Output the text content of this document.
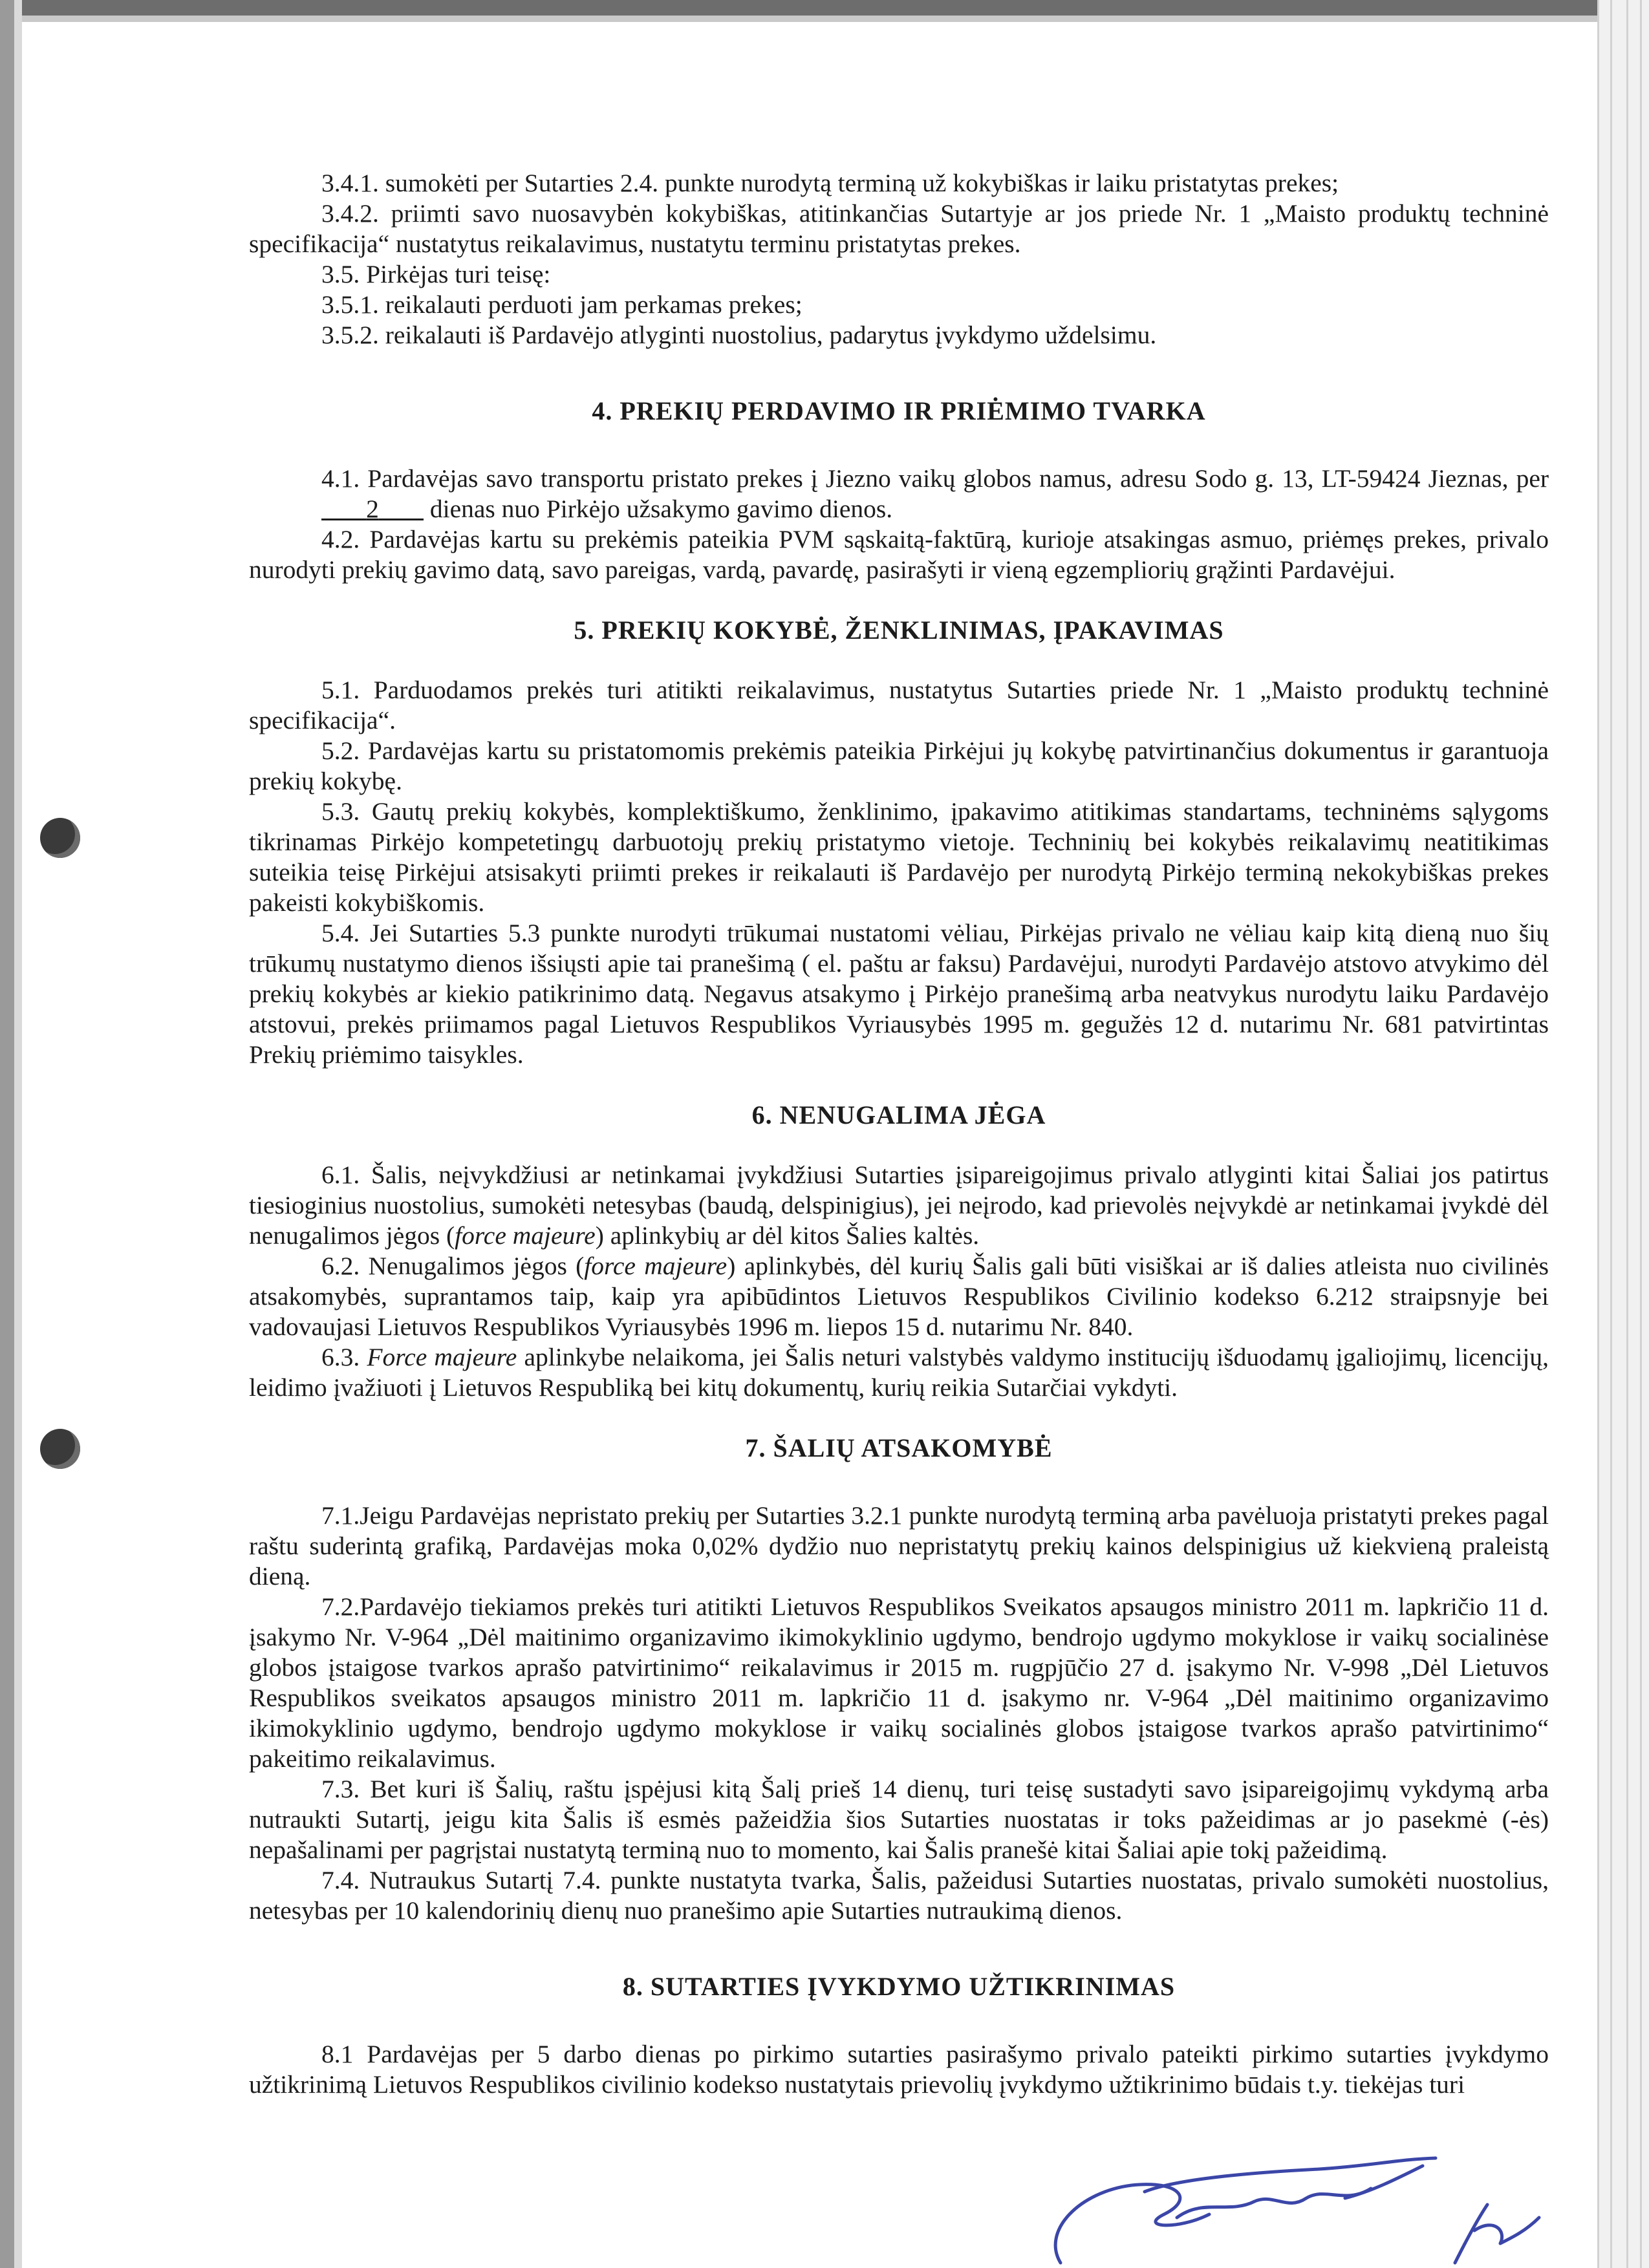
3.4.1. sumokėti per Sutarties 2.4. punkte nurodytą terminą už kokybiškas ir laiku pristatytas prekes;

3.4.2. priimti savo nuosavybėn kokybiškas, atitinkančias Sutartyje ar jos priede Nr. 1 „Maisto produktų techninė specifikacija“ nustatytus reikalavimus, nustatytu terminu pristatytas prekes.

3.5. Pirkėjas turi teisę:

3.5.1. reikalauti perduoti jam perkamas prekes;

3.5.2. reikalauti iš Pardavėjo atlyginti nuostolius, padarytus įvykdymo uždelsimu.

4. PREKIŲ PERDAVIMO IR PRIĖMIMO TVARKA

4.1. Pardavėjas savo transportu pristato prekes į Jiezno vaikų globos namus, adresu Sodo g. 13, LT-59424 Jieznas, per        2 dienas nuo Pirkėjo užsakymo gavimo dienos.

4.2. Pardavėjas kartu su prekėmis pateikia PVM sąskaitą-faktūrą, kurioje atsakingas asmuo, priėmęs prekes, privalo nurodyti prekių gavimo datą, savo pareigas, vardą, pavardę, pasirašyti ir vieną egzempliorių grąžinti Pardavėjui.

5. PREKIŲ KOKYBĖ, ŽENKLINIMAS, ĮPAKAVIMAS

5.1. Parduodamos prekės turi atitikti reikalavimus, nustatytus Sutarties priede Nr. 1 „Maisto produktų techninė specifikacija“.

5.2. Pardavėjas kartu su pristatomomis prekėmis pateikia Pirkėjui jų kokybę patvirtinančius dokumentus ir garantuoja prekių kokybę.

5.3. Gautų prekių kokybės, komplektiškumo, ženklinimo, įpakavimo atitikimas standartams, techninėms sąlygoms tikrinamas Pirkėjo kompetetingų darbuotojų prekių pristatymo vietoje. Techninių bei kokybės reikalavimų neatitikimas suteikia teisę Pirkėjui atsisakyti priimti prekes ir reikalauti iš Pardavėjo per nurodytą Pirkėjo terminą nekokybiškas prekes pakeisti kokybiškomis.

5.4. Jei Sutarties 5.3 punkte nurodyti trūkumai nustatomi vėliau, Pirkėjas privalo ne vėliau kaip kitą dieną nuo šių trūkumų nustatymo dienos išsiųsti apie tai pranešimą ( el. paštu ar faksu) Pardavėjui, nurodyti Pardavėjo atstovo atvykimo dėl prekių kokybės ar kiekio patikrinimo datą. Negavus atsakymo į Pirkėjo pranešimą arba neatvykus nurodytu laiku Pardavėjo atstovui, prekės priimamos pagal Lietuvos Respublikos Vyriausybės 1995 m. gegužės 12 d. nutarimu Nr. 681 patvirtintas Prekių priėmimo taisykles.

6. NENUGALIMA JĖGA

6.1. Šalis, neįvykdžiusi ar netinkamai įvykdžiusi Sutarties įsipareigojimus privalo atlyginti kitai Šaliai jos patirtus tiesioginius nuostolius, sumokėti netesybas (baudą, delspinigius), jei neįrodo, kad prievolės neįvykdė ar netinkamai įvykdė dėl nenugalimos jėgos (force majeure) aplinkybių ar dėl kitos Šalies kaltės.

6.2. Nenugalimos jėgos (force majeure) aplinkybės, dėl kurių Šalis gali būti visiškai ar iš dalies atleista nuo civilinės atsakomybės, suprantamos taip, kaip yra apibūdintos Lietuvos Respublikos Civilinio kodekso 6.212 straipsnyje bei vadovaujasi Lietuvos Respublikos Vyriausybės 1996 m. liepos 15 d. nutarimu Nr. 840.

6.3. Force majeure aplinkybe nelaikoma, jei Šalis neturi valstybės valdymo institucijų išduodamų įgaliojimų, licencijų, leidimo įvažiuoti į Lietuvos Respubliką bei kitų dokumentų, kurių reikia Sutarčiai vykdyti.

7. ŠALIŲ ATSAKOMYBĖ

7.1.Jeigu Pardavėjas nepristato prekių per Sutarties 3.2.1 punkte nurodytą terminą arba pavėluoja pristatyti prekes pagal raštu suderintą grafiką, Pardavėjas moka 0,02% dydžio nuo nepristatytų prekių kainos delspinigius už kiekvieną praleistą dieną.

7.2.Pardavėjo tiekiamos prekės turi atitikti Lietuvos Respublikos Sveikatos apsaugos ministro 2011 m. lapkričio 11 d. įsakymo Nr. V-964 „Dėl maitinimo organizavimo ikimokyklinio ugdymo, bendrojo ugdymo mokyklose ir vaikų socialinėse globos įstaigose tvarkos aprašo patvirtinimo“ reikalavimus ir 2015 m. rugpjūčio 27 d. įsakymo Nr. V-998 „Dėl Lietuvos Respublikos sveikatos apsaugos ministro 2011 m. lapkričio 11 d. įsakymo nr. V-964 „Dėl maitinimo organizavimo ikimokyklinio ugdymo, bendrojo ugdymo mokyklose ir vaikų socialinės globos įstaigose tvarkos aprašo patvirtinimo“ pakeitimo reikalavimus.

7.3. Bet kuri iš Šalių, raštu įspėjusi kitą Šalį prieš 14 dienų, turi teisę sustadyti savo įsipareigojimų vykdymą arba nutraukti Sutartį, jeigu kita Šalis iš esmės pažeidžia šios Sutarties nuostatas ir toks pažeidimas ar jo pasekmė (-ės) nepašalinami per pagrįstai nustatytą terminą nuo to momento, kai Šalis pranešė kitai Šaliai apie tokį pažeidimą.

7.4. Nutraukus Sutartį 7.4. punkte nustatyta tvarka, Šalis, pažeidusi Sutarties nuostatas, privalo sumokėti nuostolius, netesybas per 10 kalendorinių dienų nuo pranešimo apie Sutarties nutraukimą dienos.

8. SUTARTIES ĮVYKDYMO UŽTIKRINIMAS

8.1 Pardavėjas per 5 darbo dienas po pirkimo sutarties pasirašymo privalo pateikti pirkimo sutarties įvykdymo užtikrinimą Lietuvos Respublikos civilinio kodekso nustatytais prievolių įvykdymo užtikrinimo būdais t.y. tiekėjas turi
